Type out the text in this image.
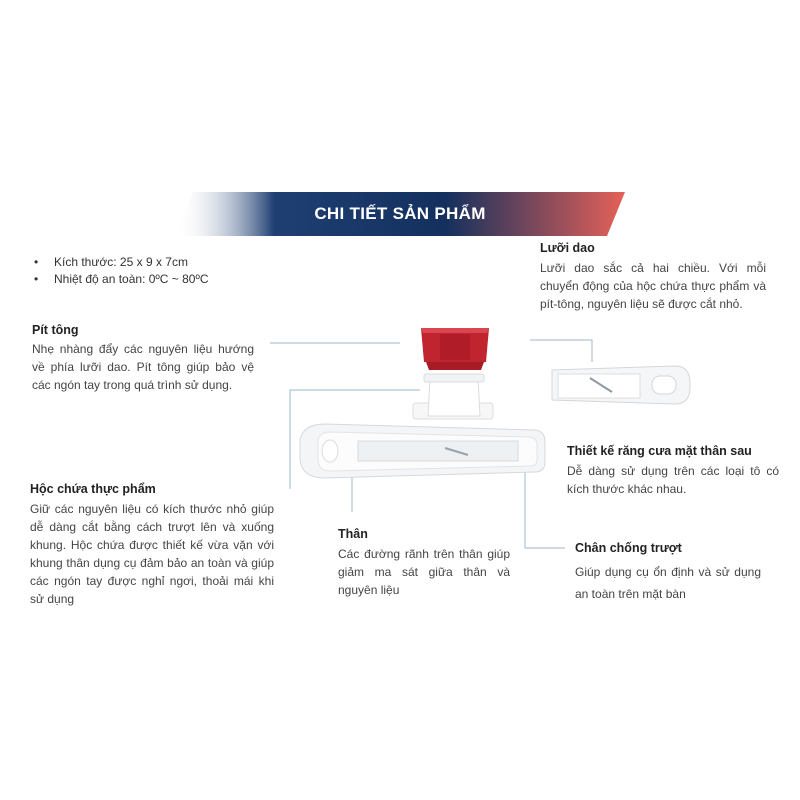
CHI TIẾT SẢN PHẨM
• Kích thước: 25 x 9 x 7cm
• Nhiệt độ an toàn: 0ºC ~ 80ºC
Pít tông
Nhẹ nhàng đẩy các nguyên liệu hướng về phía lưỡi dao. Pít tông giúp bảo vệ các ngón tay trong quá trình sử dụng.
Hộc chứa thực phẩm
Giữ các nguyên liệu có kích thước nhỏ giúp dễ dàng cắt bằng cách trượt lên và xuống khung. Hộc chứa được thiết kế vừa vặn với khung thân dụng cụ đảm bảo an toàn và giúp các ngón tay được nghỉ ngơi, thoải mái khi sử dụng
Thân
Các đường rãnh trên thân giúp giảm ma sát giữa thân và nguyên liệu
Lưỡi dao
Lưỡi dao sắc cả hai chiều. Với mỗi chuyển động của hộc chứa thực phẩm và pít-tông, nguyên liệu sẽ được cắt nhỏ.
Thiết kế răng cưa mặt thân sau
Dễ dàng sử dụng trên các loại tô có kích thước khác nhau.
Chân chống trượt
Giúp dụng cụ ổn định và sử dụng an toàn trên mặt bàn
